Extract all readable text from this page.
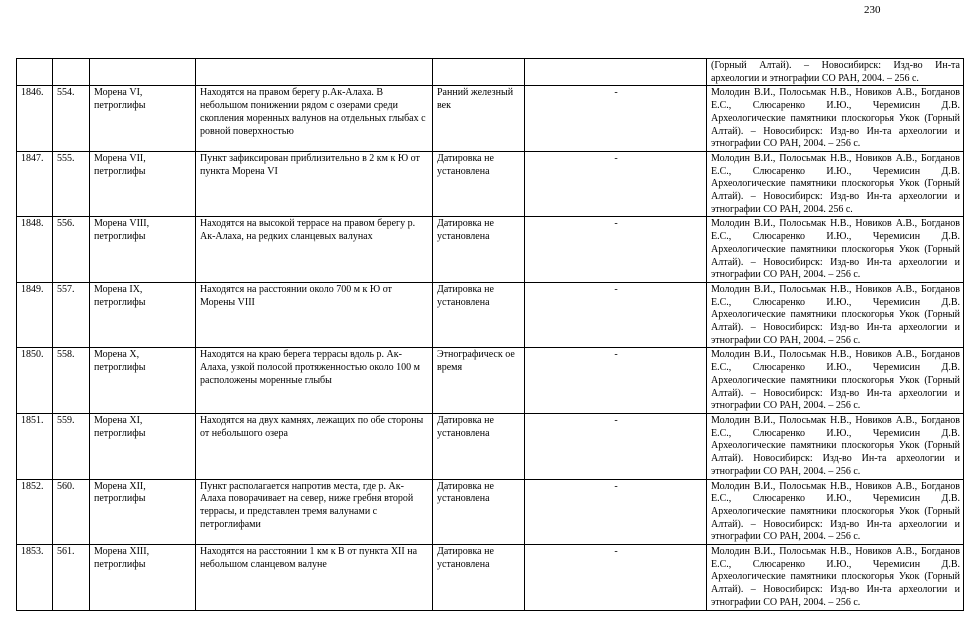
230
						(Горный Алтай). – Новосибирск: Изд-во Ин-та археологии и этнографии СО РАН, 2004. – 256 с.
1846.	554.	Морена VI, петроглифы	Находятся на правом берегу р.Ак-Алаха. В небольшом понижении рядом с озерами среди скопления моренных валунов на отдельных глыбах с ровной поверхностью	Ранний железный век	-	Молодин В.И., Полосьмак Н.В., Новиков А.В., Богданов Е.С., Слюсаренко И.Ю., Черемисин Д.В. Археологические памятники плоскогорья Укок (Горный Алтай). – Новосибирск: Изд-во Ин-та археологии и этнографии СО РАН, 2004. – 256 с.
1847.	555.	Морена VII, петроглифы	Пункт зафиксирован приблизительно в 2 км к Ю от пункта Морена VI	Датировка не установлена	-	Молодин В.И., Полосьмак Н.В., Новиков А.В., Богданов Е.С., Слюсаренко И.Ю., Черемисин Д.В. Археологические памятники плоскогорья Укок (Горный Алтай). – Новосибирск: Изд-во Ин-та археологии и этнографии СО РАН, 2004. 256 с.
1848.	556.	Морена VIII, петроглифы	Находятся на высокой террасе на правом берегу р. Ак-Алаха, на редких сланцевых валунах	Датировка не установлена	-	Молодин В.И., Полосьмак Н.В., Новиков А.В., Богданов Е.С., Слюсаренко И.Ю., Черемисин Д.В. Археологические памятники плоскогорья Укок (Горный Алтай). – Новосибирск: Изд-во Ин-та археологии и этнографии СО РАН, 2004. – 256 с.
1849.	557.	Морена IX, петроглифы	Находятся на расстоянии около 700 м к Ю от Морены VIII	Датировка не установлена	-	Молодин В.И., Полосьмак Н.В., Новиков А.В., Богданов Е.С., Слюсаренко И.Ю., Черемисин Д.В. Археологические памятники плоскогорья Укок (Горный Алтай). – Новосибирск: Изд-во Ин-та археологии и этнографии СО РАН, 2004. – 256 с.
1850.	558.	Морена X, петроглифы	Находятся на краю берега террасы вдоль р. Ак-Алаха, узкой полосой протяженностью около 100 м расположены моренные глыбы	Этнографическ ое время	-	Молодин В.И., Полосьмак Н.В., Новиков А.В., Богданов Е.С., Слюсаренко И.Ю., Черемисин Д.В. Археологические памятники плоскогорья Укок (Горный Алтай). – Новосибирск: Изд-во Ин-та археологии и этнографии СО РАН, 2004. – 256 с.
1851.	559.	Морена XI, петроглифы	Находятся на двух камнях, лежащих по обе стороны от небольшого озера	Датировка не установлена	-	Молодин В.И., Полосьмак Н.В., Новиков А.В., Богданов Е.С., Слюсаренко И.Ю., Черемисин Д.В. Археологические памятники плоскогорья Укок (Горный Алтай). Новосибирск: Изд-во Ин-та археологии и этнографии СО РАН, 2004. – 256 с.
1852.	560.	Морена XII, петроглифы	Пункт располагается напротив места, где р. Ак-Алаха поворачивает на север, ниже гребня второй террасы, и представлен тремя валунами с петроглифами	Датировка не установлена	-	Молодин В.И., Полосьмак Н.В., Новиков А.В., Богданов Е.С., Слюсаренко И.Ю., Черемисин Д.В. Археологические памятники плоскогорья Укок (Горный Алтай). – Новосибирск: Изд-во Ин-та археологии и этнографии СО РАН, 2004. – 256 с.
1853.	561.	Морена XIII, петроглифы	Находятся на расстоянии 1 км к В от пункта XII на небольшом сланцевом валуне	Датировка не установлена	-	Молодин В.И., Полосьмак Н.В., Новиков А.В., Богданов Е.С., Слюсаренко И.Ю., Черемисин Д.В. Археологические памятники плоскогорья Укок (Горный Алтай). – Новосибирск: Изд-во Ин-та археологии и этнографии СО РАН, 2004. – 256 с.
